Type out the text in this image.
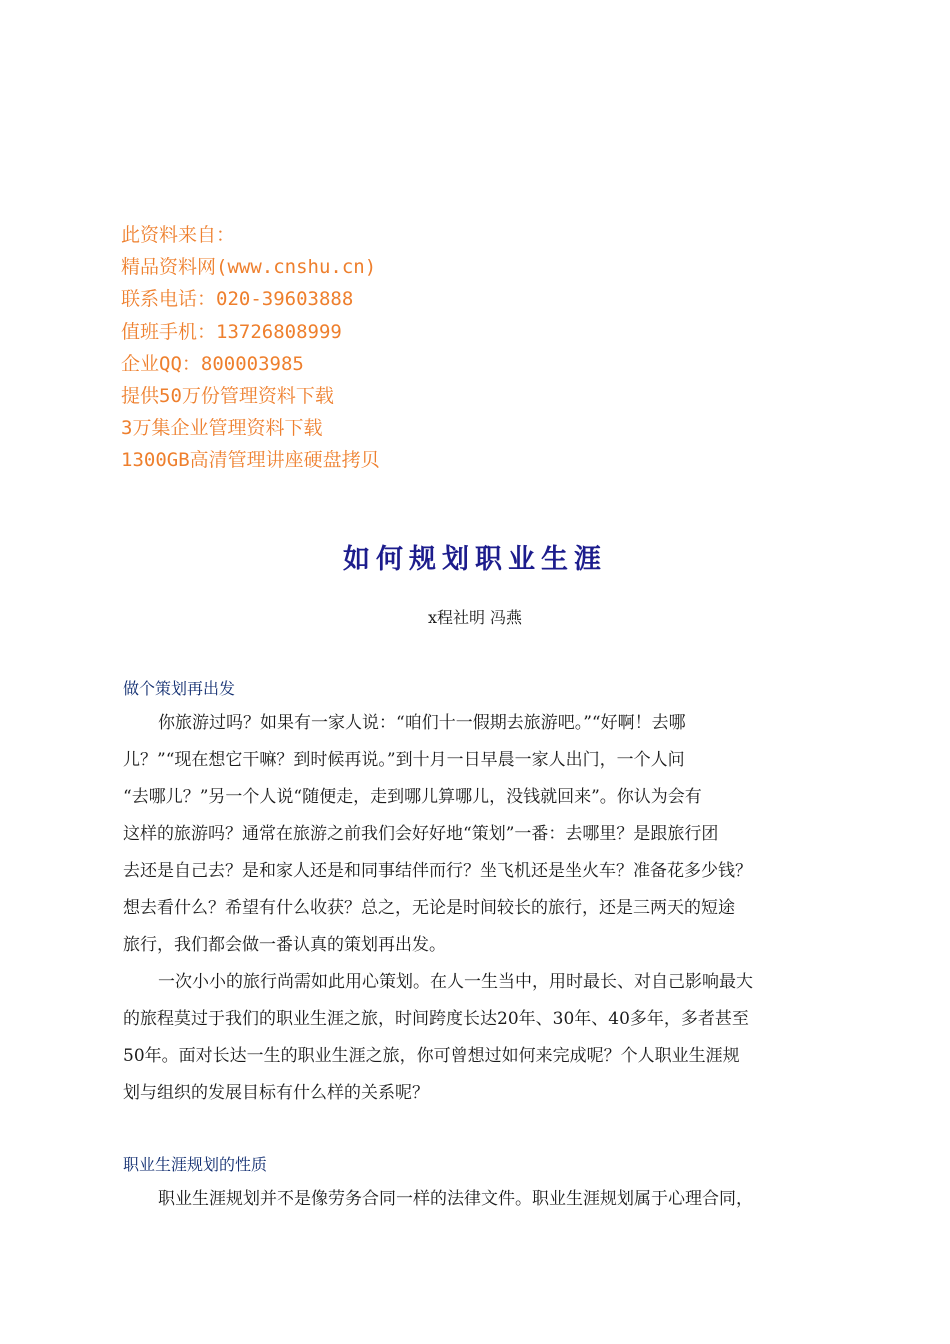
此资料来自：
精品资料网(www.cnshu.cn)
联系电话：020-39603888
值班手机：13726808999
企业QQ：800003985
提供50万份管理资料下载
3万集企业管理资料下载
1300GB高清管理讲座硬盘拷贝
如何规划职业生涯
x程社明 冯燕
做个策划再出发
你旅游过吗？如果有一家人说：“咱们十一假期去旅游吧。”“好啊！去哪
儿？”“现在想它干嘛？到时候再说。”到十月一日早晨一家人出门，一个人问
“去哪儿？”另一个人说“随便走，走到哪儿算哪儿，没钱就回来”。你认为会有
这样的旅游吗？通常在旅游之前我们会好好地“策划”一番：去哪里？是跟旅行团
去还是自己去？是和家人还是和同事结伴而行？坐飞机还是坐火车？准备花多少钱？
想去看什么？希望有什么收获？总之，无论是时间较长的旅行，还是三两天的短途
旅行，我们都会做一番认真的策划再出发。
一次小小的旅行尚需如此用心策划。在人一生当中，用时最长、对自己影响最大
的旅程莫过于我们的职业生涯之旅，时间跨度长达20年、30年、40多年，多者甚至
50年。面对长达一生的职业生涯之旅，你可曾想过如何来完成呢？个人职业生涯规
划与组织的发展目标有什么样的关系呢？
职业生涯规划的性质
职业生涯规划并不是像劳务合同一样的法律文件。职业生涯规划属于心理合同，
